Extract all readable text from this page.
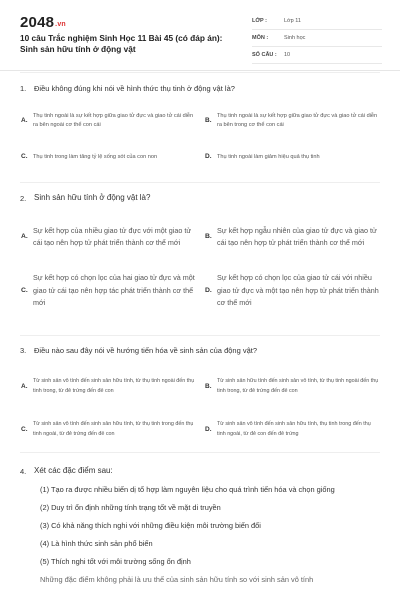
2048.vn
10 câu Trắc nghiệm Sinh Học 11 Bài 45 (có đáp án): Sinh sản hữu tính ở động vật
LỚP :	Lớp 11
MÔN :	Sinh học
SỐ CÂU :	10
1. Điều không đúng khi nói về hình thức thụ tinh ở động vật là?
A.
Thụ tinh ngoài là sự kết hợp giữa giao tử đực và giao tử cái diễn ra bên ngoài cơ thể con cái
B.
Thụ tinh ngoài là sự kết hợp giữa giao tử đực và giao tử cái diễn ra bên trong cơ thể con cái
C. Thụ tinh trong làm tăng tỷ lệ sống sót của con non	D. Thụ tinh ngoài làm giảm hiệu quả thụ tinh
2. Sinh sản hữu tính ở động vật là?
A.
Sự kết hợp của nhiều giao tử đực với một giao tử cái tạo nên hợp tử phát triển thành cơ thể mới
B.
Sự kết hợp ngẫu nhiên của giao tử đực và giao tử cái tạo nên hợp tử phát triển thành cơ thể mới
C.
Sự kết hợp có chọn lọc của hai giao tử đực và một giao tử cái tạo nên hợp tác phát triển thành cơ thể mới
D.
Sự kết hợp có chọn lọc của giao tử cái với nhiều giao tử đực và một tạo nên hợp tử phát triển thành cơ thể mới
3. Điều nào sau đây nói về hướng tiến hóa về sinh sản của động vật?
A.
Từ sinh sản vô tính đến sinh sản hữu tính, từ thụ tinh ngoài đến thụ tinh trong, từ đẻ trứng đến đẻ con
B.
Từ sinh sản hữu tính đến sinh sản vô tính, từ thụ tinh ngoài đến thụ tinh trong, từ đẻ trứng đến đẻ con
C.
Từ sinh sản vô tính đến sinh sản hữu tính, từ thụ tinh trong đến thụ tinh ngoài, từ đẻ trứng đến đẻ con
D.
Từ sinh sản vô tính đến sinh sản hữu tính, thụ tinh trong đến thụ tinh ngoài, từ đẻ con đến đẻ trứng
4. Xét các đặc điểm sau:
(1) Tạo ra được nhiều biến dị tổ hợp làm nguyên liệu cho quá trình tiến hóa và chọn giống
(2) Duy trì ổn định những tính trạng tốt về mặt di truyền
(3) Có khả năng thích nghi với những điều kiện môi trường biến đổi
(4) Là hình thức sinh sản phổ biến
(5) Thích nghi tốt với môi trường sống ổn định
Những đặc điểm không phải là ưu thế của sinh sản hữu tính so với sinh sản vô tính
